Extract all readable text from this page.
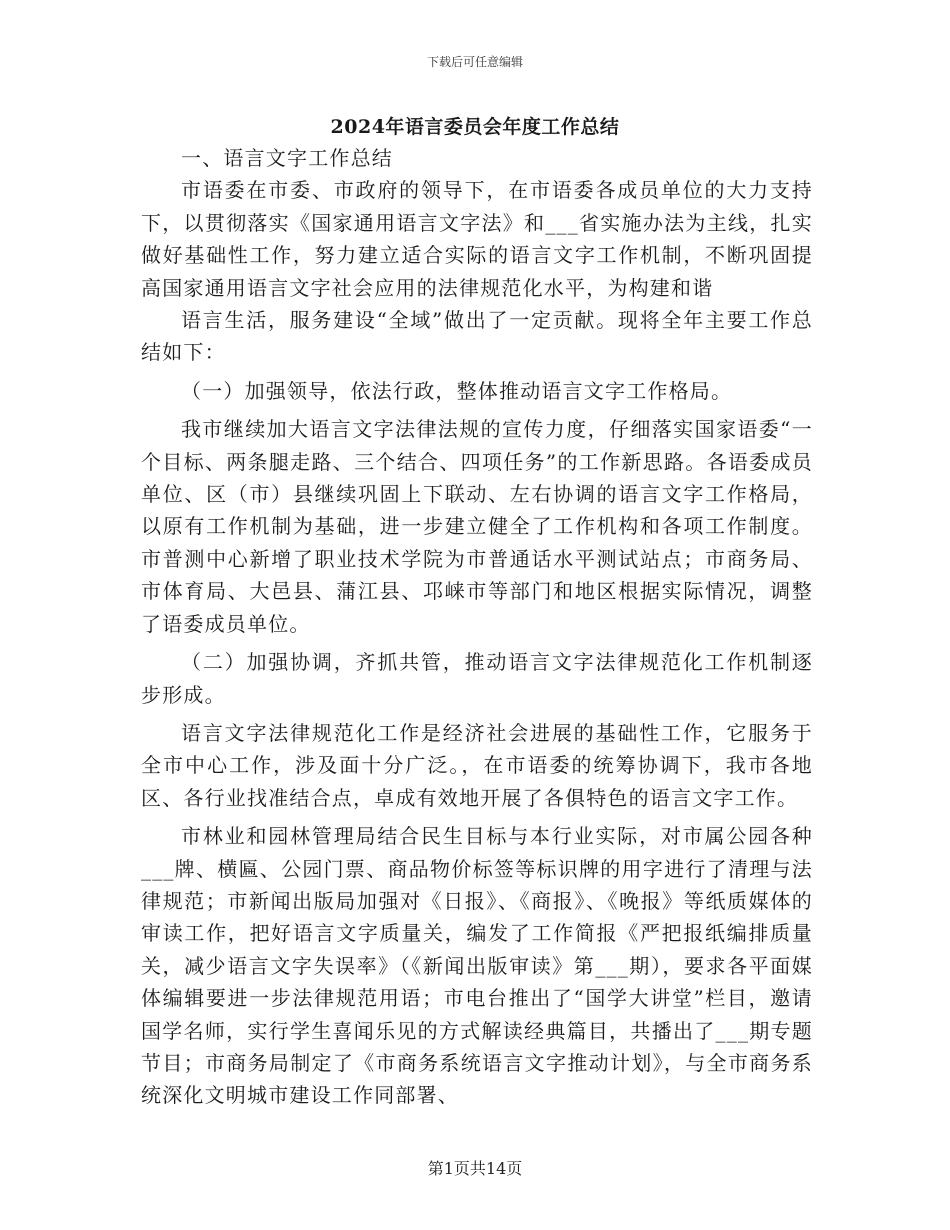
下载后可任意编辑
2024年语言委员会年度工作总结

一、语言文字工作总结

市语委在市委、市政府的领导下，在市语委各成员单位的大力支持下，以贯彻落实《国家通用语言文字法》和___省实施办法为主线，扎实做好基础性工作，努力建立适合实际的语言文字工作机制，不断巩固提高国家通用语言文字社会应用的法律规范化水平，为构建和谐

语言生活，服务建设“全域”做出了一定贡献。现将全年主要工作总结如下：

（一）加强领导，依法行政，整体推动语言文字工作格局。

我市继续加大语言文字法律法规的宣传力度，仔细落实国家语委“一个目标、两条腿走路、三个结合、四项任务”的工作新思路。各语委成员单位、区（市）县继续巩固上下联动、左右协调的语言文字工作格局，以原有工作机制为基础，进一步建立健全了工作机构和各项工作制度。市普测中心新增了职业技术学院为市普通话水平测试站点；市商务局、市体育局、大邑县、蒲江县、邛崃市等部门和地区根据实际情况，调整了语委成员单位。

（二）加强协调，齐抓共管，推动语言文字法律规范化工作机制逐步形成。

语言文字法律规范化工作是经济社会进展的基础性工作，它服务于全市中心工作，涉及面十分广泛。，在市语委的统筹协调下，我市各地区、各行业找准结合点，卓成有效地开展了各俱特色的语言文字工作。

市林业和园林管理局结合民生目标与本行业实际，对市属公园各种___牌、横匾、公园门票、商品物价标签等标识牌的用字进行了清理与法律规范；市新闻出版局加强对《日报》、《商报》、《晚报》等纸质媒体的审读工作，把好语言文字质量关，编发了工作简报《严把报纸编排质量关，减少语言文字失误率》（《新闻出版审读》第___期），要求各平面媒体编辑要进一步法律规范用语；市电台推出了“国学大讲堂”栏目，邀请国学名师，实行学生喜闻乐见的方式解读经典篇目，共播出了___期专题节目；市商务局制定了《市商务系统语言文字推动计划》，与全市商务系统深化文明城市建设工作同部署、

第1页共14页
